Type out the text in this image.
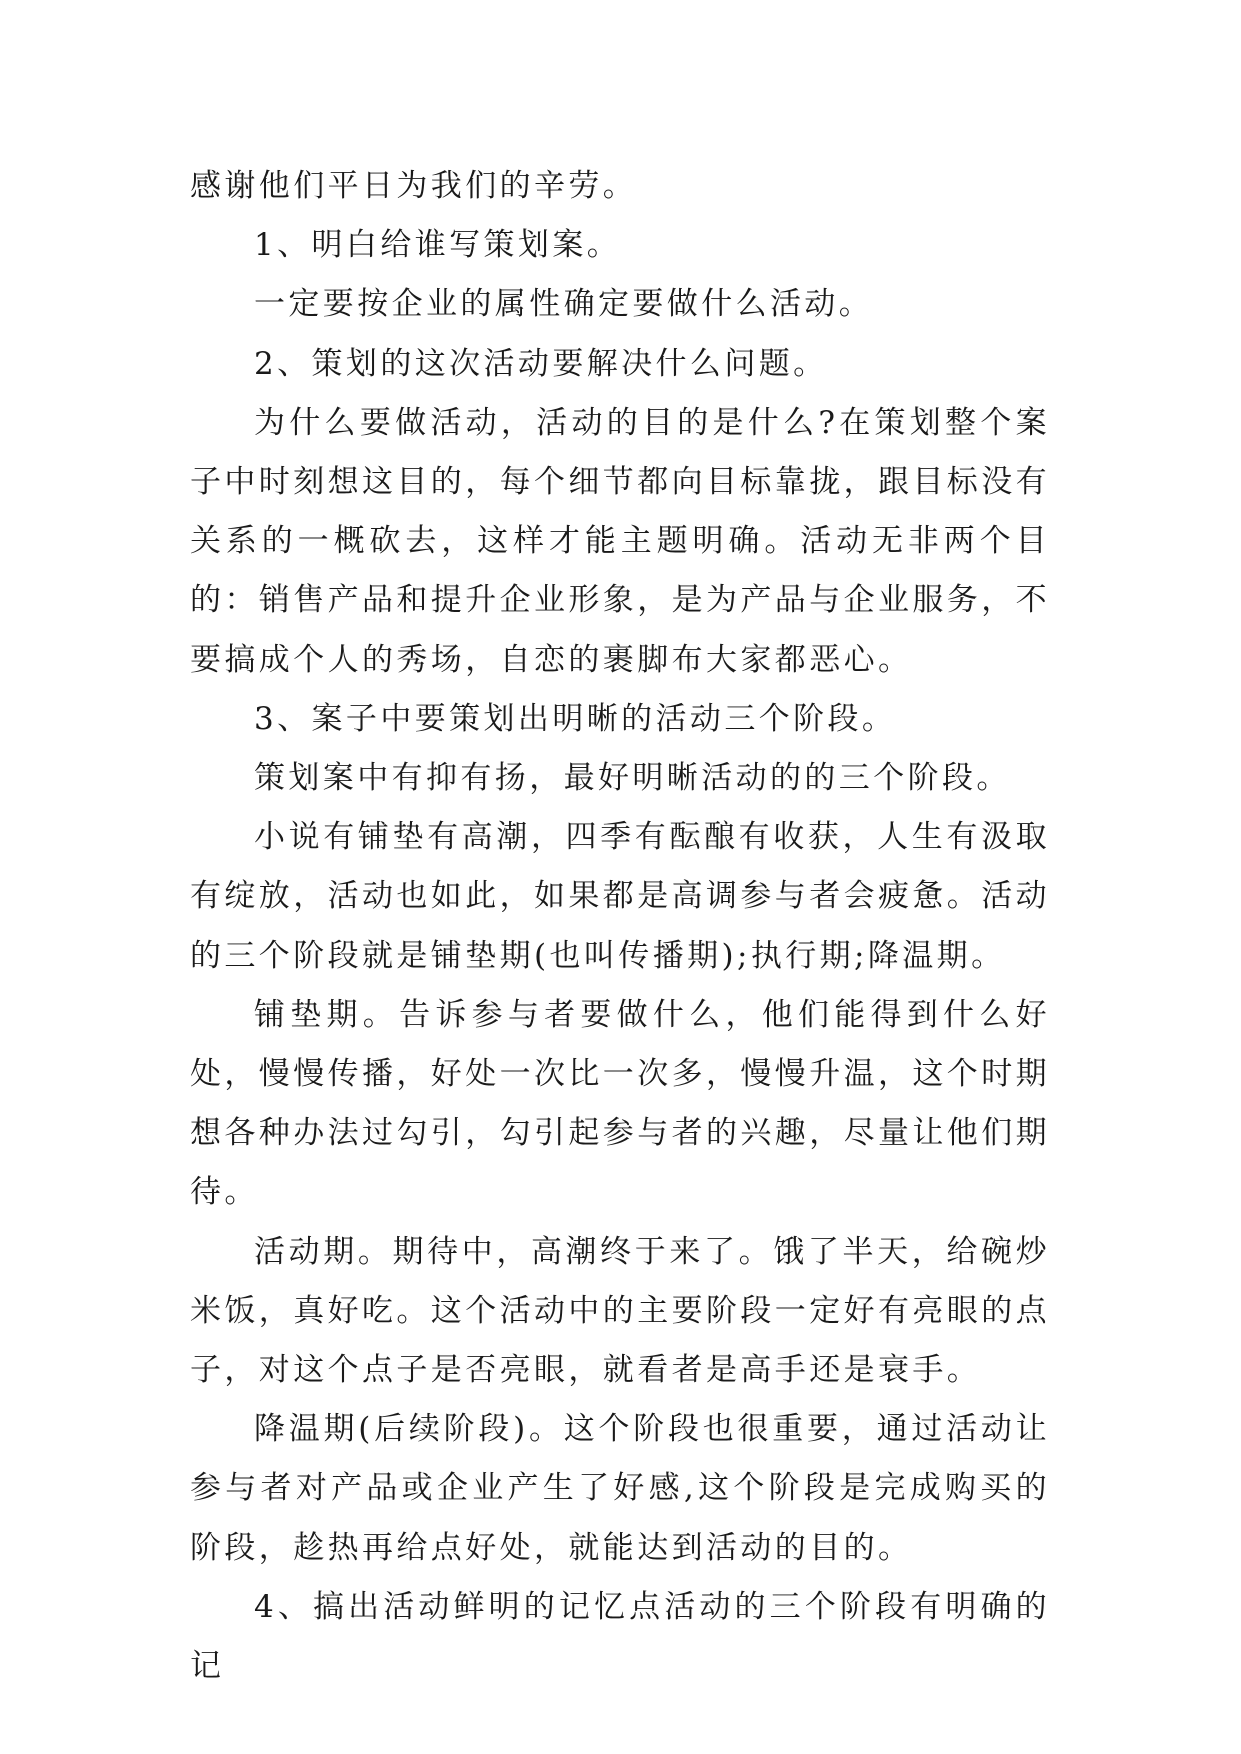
感谢他们平日为我们的辛劳。

1、明白给谁写策划案。

一定要按企业的属性确定要做什么活动。

2、策划的这次活动要解决什么问题。

为什么要做活动，活动的目的是什么?在策划整个案子中时刻想这目的，每个细节都向目标靠拢，跟目标没有关系的一概砍去，这样才能主题明确。活动无非两个目的：销售产品和提升企业形象，是为产品与企业服务，不要搞成个人的秀场，自恋的裹脚布大家都恶心。

3、案子中要策划出明晰的活动三个阶段。

策划案中有抑有扬，最好明晰活动的的三个阶段。

小说有铺垫有高潮，四季有酝酿有收获，人生有汲取有绽放，活动也如此，如果都是高调参与者会疲惫。活动的三个阶段就是铺垫期(也叫传播期);执行期;降温期。

铺垫期。告诉参与者要做什么，他们能得到什么好处，慢慢传播，好处一次比一次多，慢慢升温，这个时期想各种办法过勾引，勾引起参与者的兴趣，尽量让他们期待。

活动期。期待中，高潮终于来了。饿了半天，给碗炒米饭，真好吃。这个活动中的主要阶段一定好有亮眼的点子，对这个点子是否亮眼，就看者是高手还是衰手。

降温期(后续阶段)。这个阶段也很重要，通过活动让参与者对产品或企业产生了好感,这个阶段是完成购买的阶段，趁热再给点好处，就能达到活动的目的。

4、搞出活动鲜明的记忆点活动的三个阶段有明确的记
